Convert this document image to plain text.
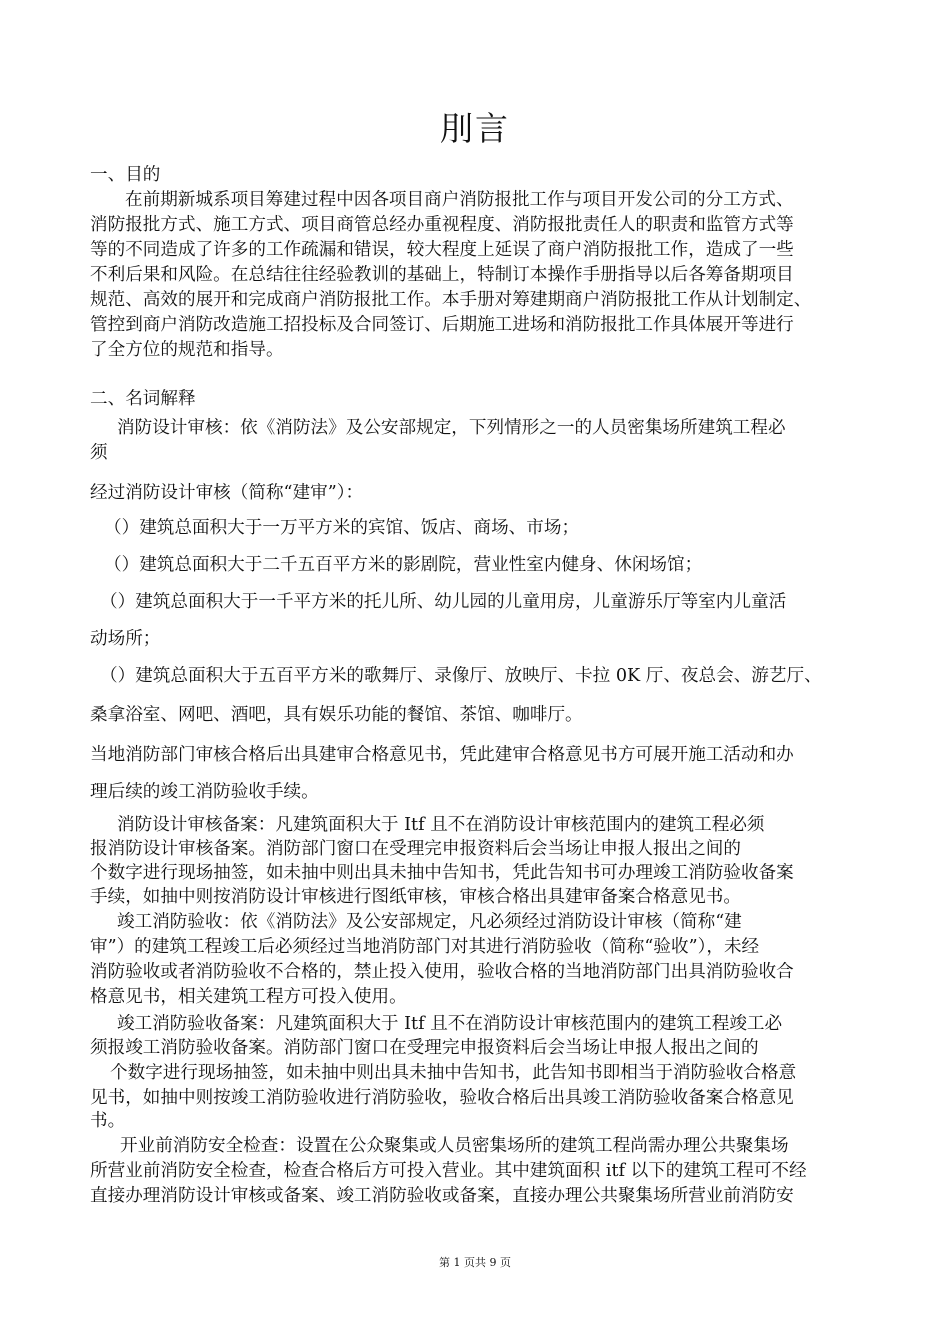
刖言
一、目的
在前期新城系项目筹建过程中因各项目商户消防报批工作与项目开发公司的分工方式、
消防报批方式、施工方式、项目商管总经办重视程度、消防报批责任人的职责和监管方式等
等的不同造成了许多的工作疏漏和错误，较大程度上延误了商户消防报批工作，造成了一些
不利后果和风险。在总结往往经验教训的基础上，特制订本操作手册指导以后各筹备期项目
规范、高效的展开和完成商户消防报批工作。本手册对筹建期商户消防报批工作从计划制定、
管控到商户消防改造施工招投标及合同签订、后期施工进场和消防报批工作具体展开等进行
了全方位的规范和指导。
二、名词解释
消防设计审核：依《消防法》及公安部规定，下列情形之一的人员密集场所建筑工程必
须
经过消防设计审核（简称“建审”）：
（）建筑总面积大于一万平方米的宾馆、饭店、商场、市场；
（）建筑总面积大于二千五百平方米的影剧院，营业性室内健身、休闲场馆；
（）建筑总面积大于一千平方米的托儿所、幼儿园的儿童用房，儿童游乐厅等室内儿童活
动场所；
（）建筑总面积大于五百平方米的歌舞厅、录像厅、放映厅、卡拉 0K 厅、夜总会、游艺厅、
桑拿浴室、网吧、酒吧，具有娱乐功能的餐馆、茶馆、咖啡厅。
当地消防部门审核合格后出具建审合格意见书，凭此建审合格意见书方可展开施工活动和办
理后续的竣工消防验收手续。
消防设计审核备案：凡建筑面积大于 Itf 且不在消防设计审核范围内的建筑工程必须
报消防设计审核备案。消防部门窗口在受理完申报资料后会当场让申报人报出之间的
个数字进行现场抽签，如未抽中则出具未抽中告知书，凭此告知书可办理竣工消防验收备案
手续，如抽中则按消防设计审核进行图纸审核，审核合格出具建审备案合格意见书。
竣工消防验收：依《消防法》及公安部规定，凡必须经过消防设计审核（简称“建
审”）的建筑工程竣工后必须经过当地消防部门对其进行消防验收（简称“验收”），未经
消防验收或者消防验收不合格的，禁止投入使用，验收合格的当地消防部门出具消防验收合
格意见书，相关建筑工程方可投入使用。
竣工消防验收备案：凡建筑面积大于 Itf 且不在消防设计审核范围内的建筑工程竣工必
须报竣工消防验收备案。消防部门窗口在受理完申报资料后会当场让申报人报出之间的
个数字进行现场抽签，如未抽中则出具未抽中告知书，此告知书即相当于消防验收合格意
见书，如抽中则按竣工消防验收进行消防验收，验收合格后出具竣工消防验收备案合格意见
书。
开业前消防安全检查：设置在公众聚集或人员密集场所的建筑工程尚需办理公共聚集场
所营业前消防安全检查，检查合格后方可投入营业。其中建筑面积 itf 以下的建筑工程可不经
直接办理消防设计审核或备案、竣工消防验收或备案，直接办理公共聚集场所营业前消防安
第 1 页共 9 页
